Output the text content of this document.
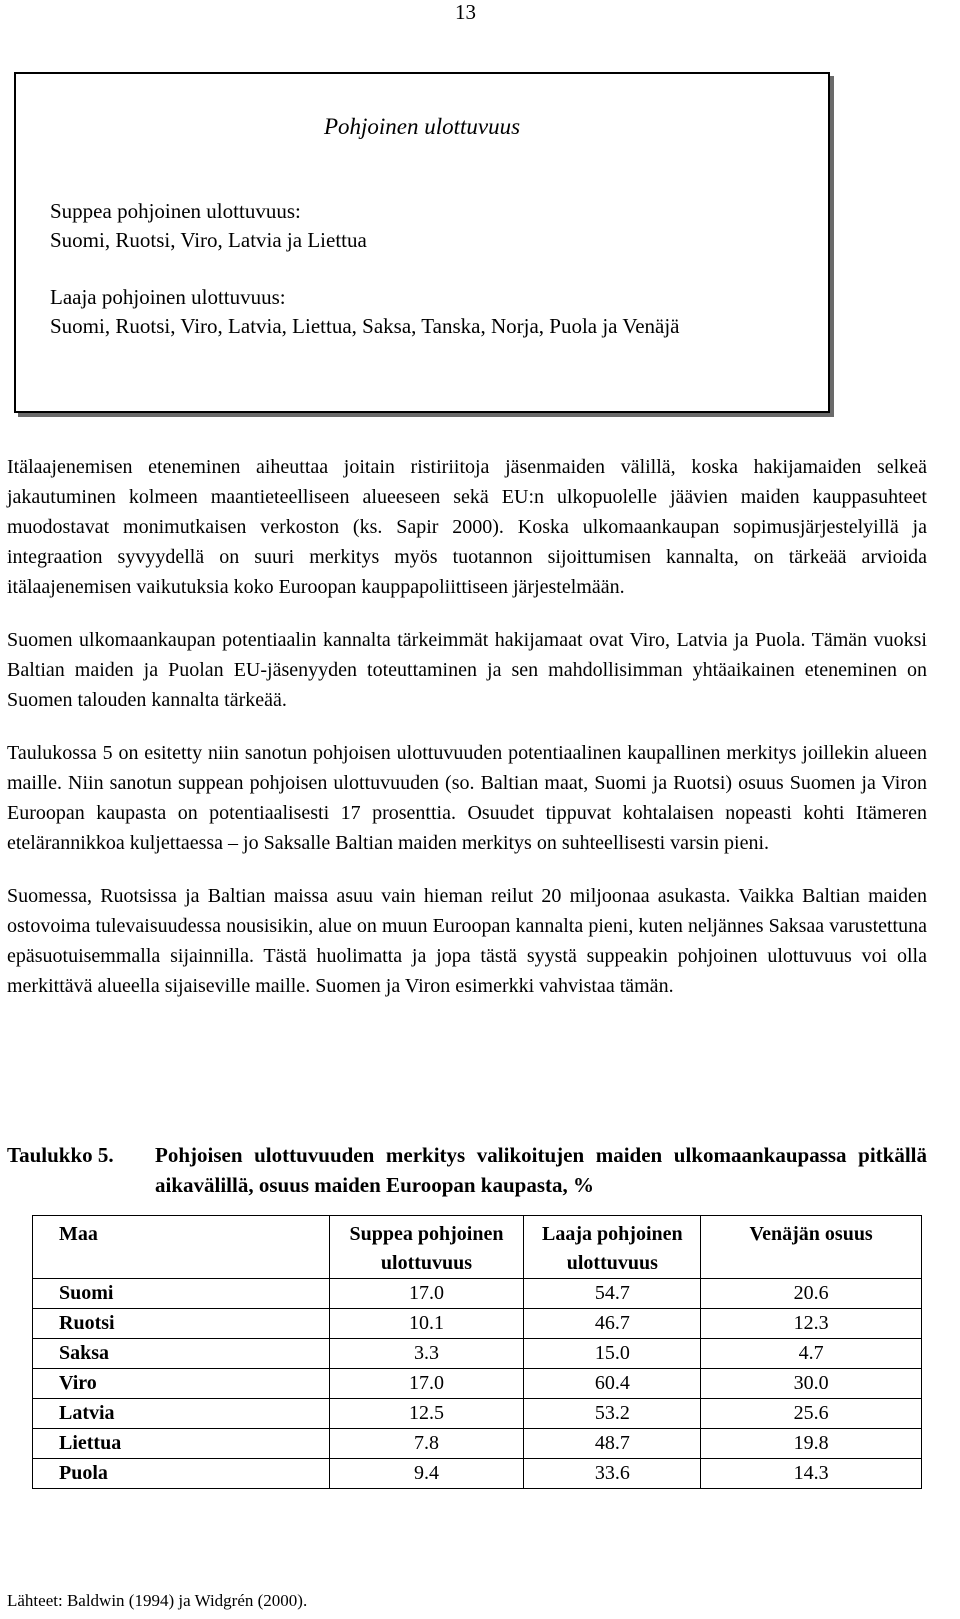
13
Pohjoinen ulottuvuus
Suppea pohjoinen ulottuvuus:
Suomi, Ruotsi, Viro, Latvia ja Liettua
Laaja pohjoinen ulottuvuus:
Suomi, Ruotsi, Viro, Latvia, Liettua, Saksa, Tanska, Norja, Puola ja Venäjä

Itälaajenemisen eteneminen aiheuttaa joitain ristiriitoja jäsenmaiden välillä, koska hakijamaiden selkeä jakautuminen kolmeen maantieteelliseen alueeseen sekä EU:n ulkopuolelle jäävien maiden kauppasuhteet muodostavat monimutkaisen verkoston (ks. Sapir 2000). Koska ulkomaankaupan sopimusjärjestelyillä ja integraation syvyydellä on suuri merkitys myös tuotannon sijoittumisen kannalta, on tärkeää arvioida itälaajenemisen vaikutuksia koko Euroopan kauppapoliittiseen järjestelmään.

Suomen ulkomaankaupan potentiaalin kannalta tärkeimmät hakijamaat ovat Viro, Latvia ja Puola. Tämän vuoksi Baltian maiden ja Puolan EU-jäsenyyden toteuttaminen ja sen mahdollisimman yhtäaikainen eteneminen on Suomen talouden kannalta tärkeää.

Taulukossa 5 on esitetty niin sanotun pohjoisen ulottuvuuden potentiaalinen kaupallinen merkitys joillekin alueen maille. Niin sanotun suppean pohjoisen ulottuvuuden (so. Baltian maat, Suomi ja Ruotsi) osuus Suomen ja Viron Euroopan kaupasta on potentiaalisesti 17 prosenttia. Osuudet tippuvat kohtalaisen nopeasti kohti Itämeren etelärannikkoa kuljettaessa – jo Saksalle Baltian maiden merkitys on suhteellisesti varsin pieni.

Suomessa, Ruotsissa ja Baltian maissa asuu vain hieman reilut 20 miljoonaa asukasta. Vaikka Baltian maiden ostovoima tulevaisuudessa nousisikin, alue on muun Euroopan kannalta pieni, kuten neljännes Saksaa varustettuna epäsuotuisemmalla sijainnilla. Tästä huolimatta ja jopa tästä syystä suppeakin pohjoinen ulottuvuus voi olla merkittävä alueella sijaiseville maille. Suomen ja Viron esimerkki vahvistaa tämän.

Taulukko 5. Pohjoisen ulottuvuuden merkitys valikoitujen maiden ulkomaankaupassa pitkällä aikavälillä, osuus maiden Euroopan kaupasta, %
Maa	Suppea pohjoinen ulottuvuus	Laaja pohjoinen ulottuvuus	Venäjän osuus
Suomi	17.0	54.7	20.6
Ruotsi	10.1	46.7	12.3
Saksa	3.3	15.0	4.7
Viro	17.0	60.4	30.0
Latvia	12.5	53.2	25.6
Liettua	7.8	48.7	19.8
Puola	9.4	33.6	14.3
Lähteet: Baldwin (1994) ja Widgrén (2000).
